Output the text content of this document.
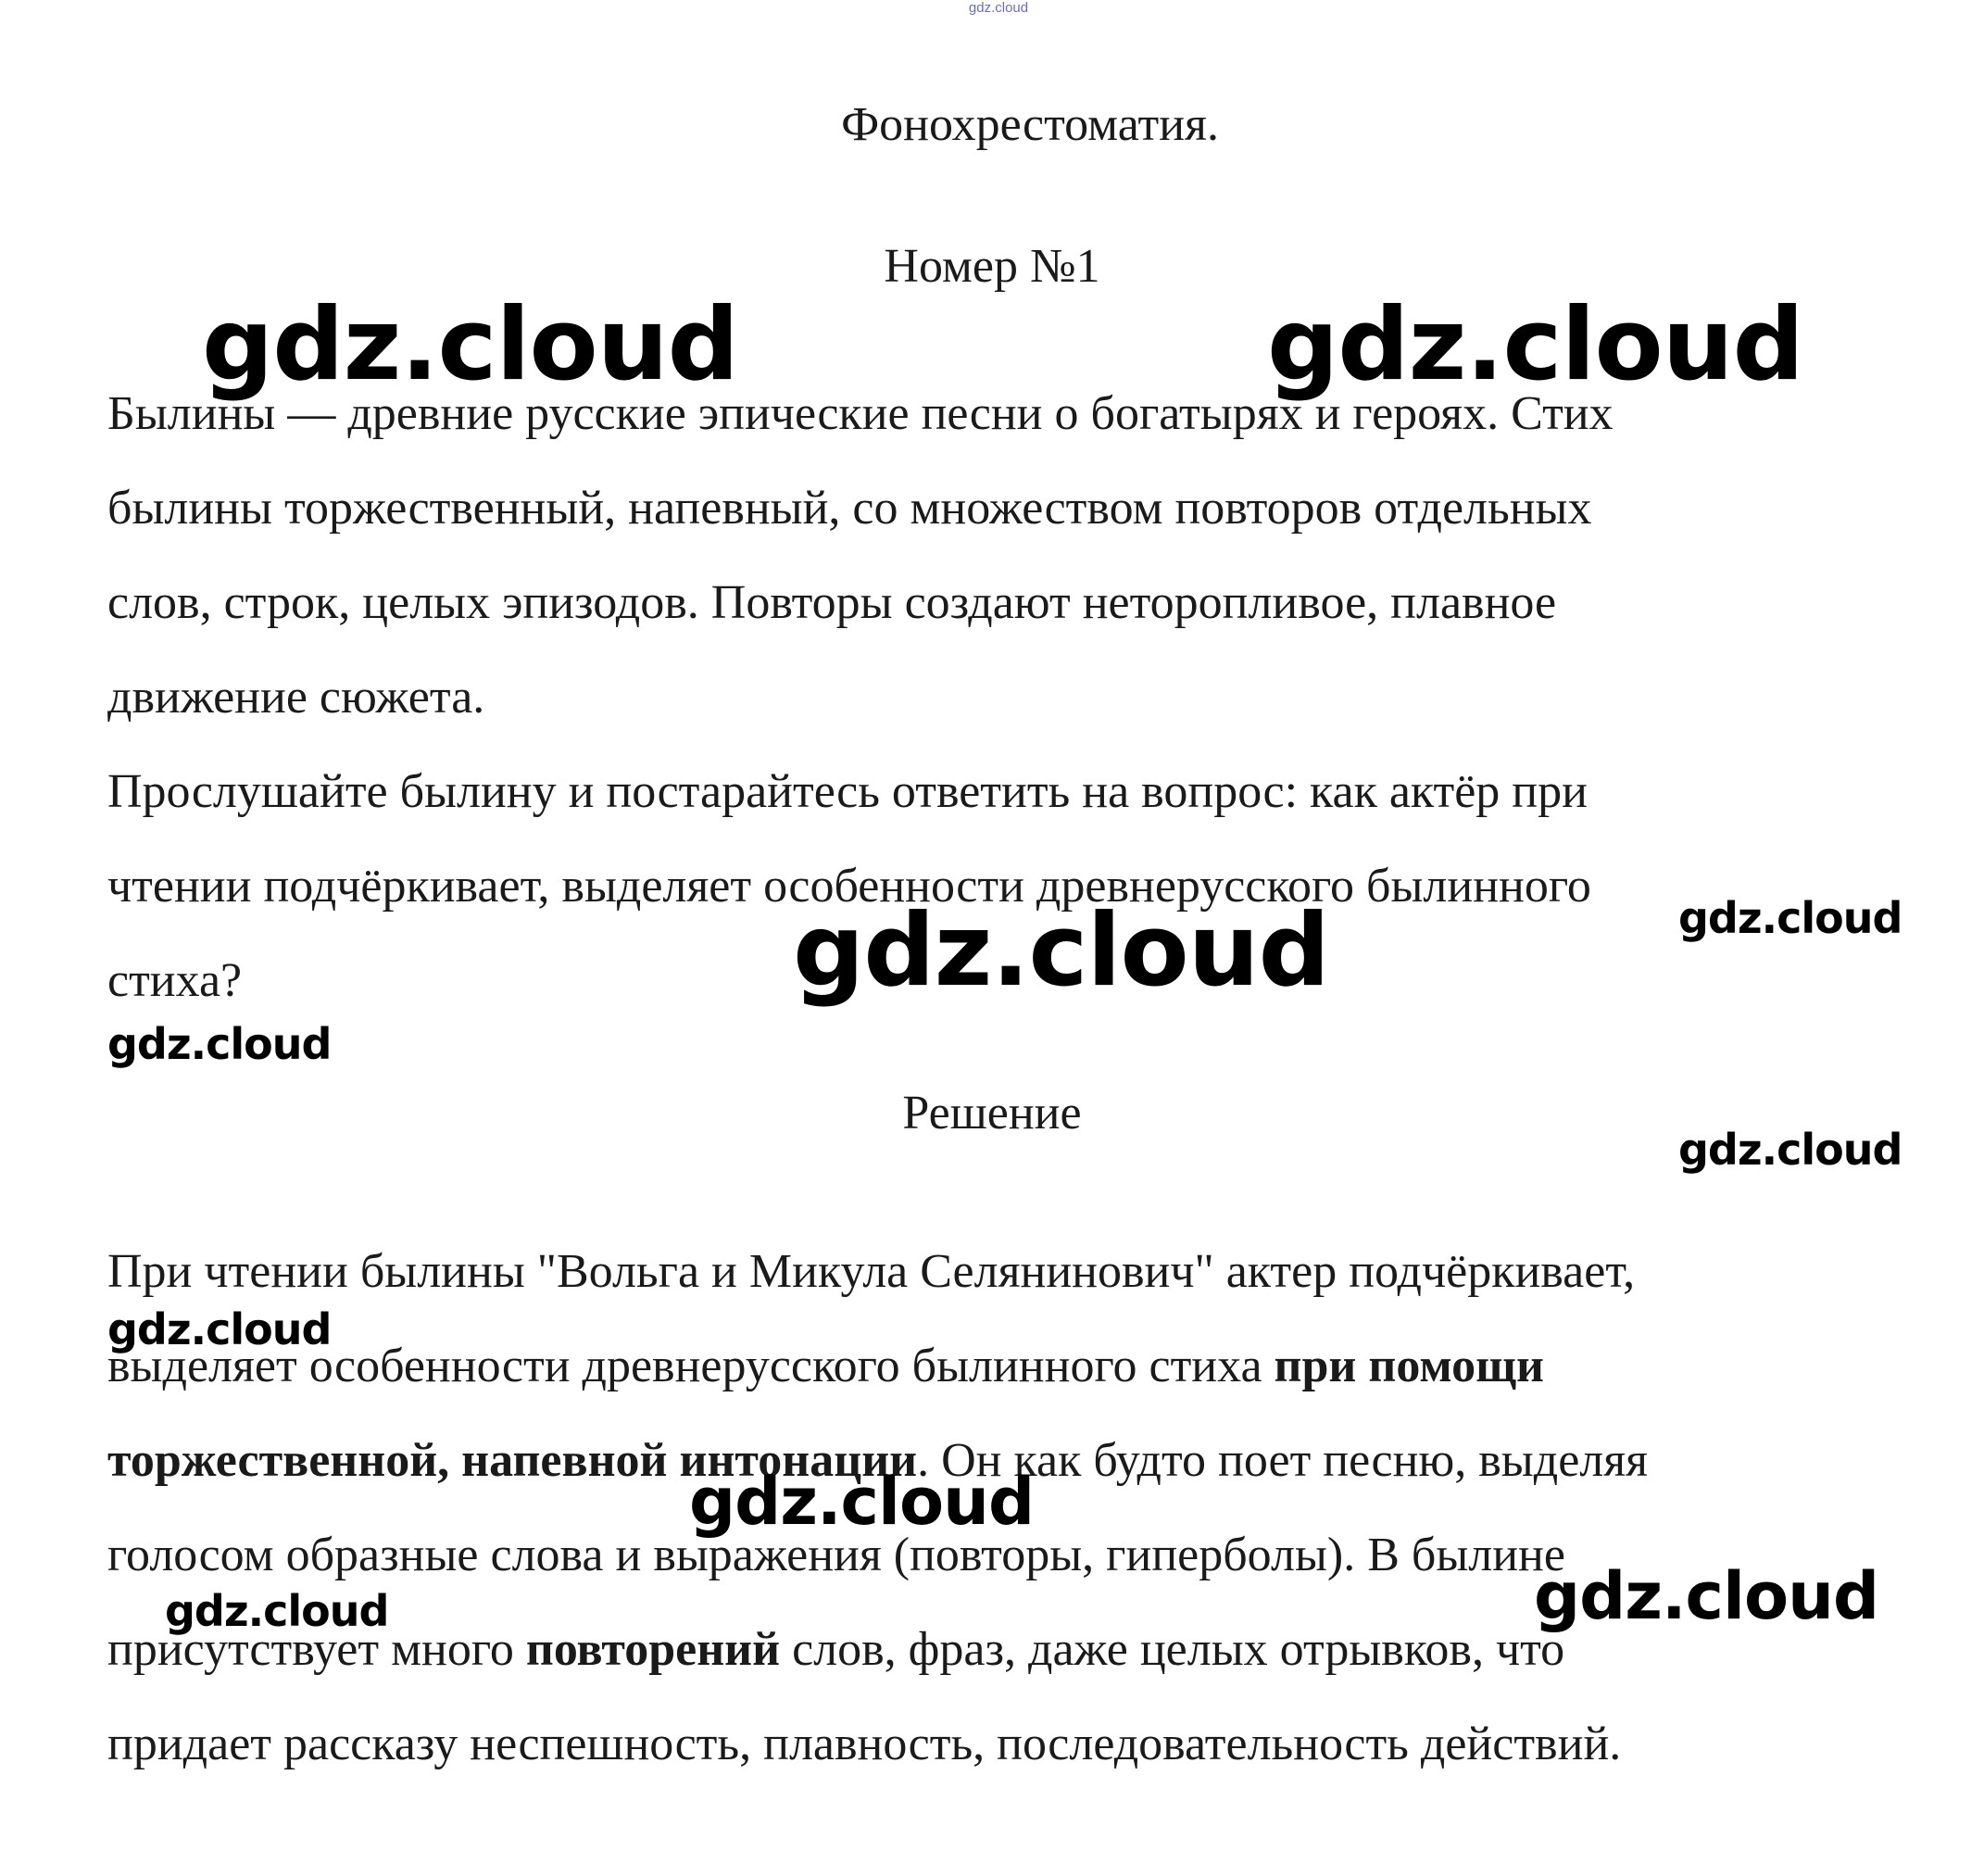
gdz.cloud
Фонохрестоматия.
Номер №1
Былины — древние русские эпические песни о богатырях и героях. Стих
былины торжественный, напевный, со множеством повторов отдельных
слов, строк, целых эпизодов. Повторы создают неторопливое, плавное
движение сюжета.
Прослушайте былину и постарайтесь ответить на вопрос: как актёр при
чтении подчёркивает, выделяет особенности древнерусского былинного
стиха?
Решение
При чтении былины "Вольга и Микула Селянинович" актер подчёркивает,
выделяет особенности древнерусского былинного стиха при помощи
торжественной, напевной интонации. Он как будто поет песню, выделяя
голосом образные слова и выражения (повторы, гиперболы). В былине
присутствует много повторений слов, фраз, даже целых отрывков, что
придает рассказу неспешность, плавность, последовательность действий.
gdz.cloud	gdz.cloud
gdz.cloud	gdz.cloud
gdz.cloud
gdz.cloud
gdz.cloud
gdz.cloud
gdz.cloud	gdz.cloud
